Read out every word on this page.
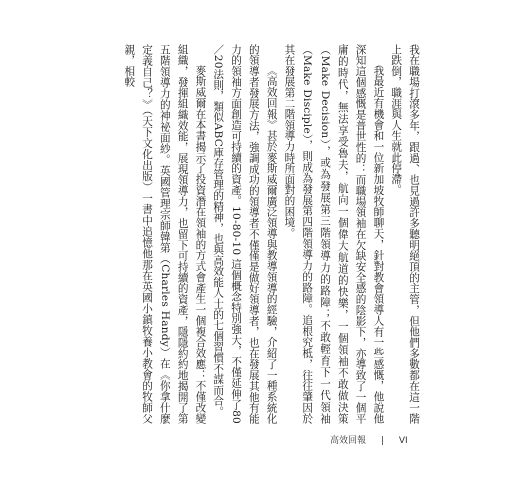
我在職場打滾多年，跟過、也見過許多聽明絕頂的主管，但他們多數都在這一階上跌倒，職涯與人生就此停滯。

我最近有機會和一位新加坡牧師聊天，針對教會領導人有一些感慨，他說他深知這個感慨是普世性的：而職場領袖在欠缺安全感的陰影下，亦導致了一個平庸的時代，無法享受魯夫，航向一個偉大航道的快樂，一個領袖不敢做決策（Make Decision），或為發展第三階領導力的路障；不敢輕育下一代領袖（Make Disciple），則成為發展第四階領導力的路障。追根究柢，往往肇因於其在發展第二階領導力時所面對的困境。

《高效回報》甚於麥斯威爾廣泛領導與教導領導的經驗，介紹了一種系統化的領導者發展方法，強調成功的領導者不僅僅是做好領導者，也在發展其他有能力的領袖方面創造可持續的資產。10-80-10 這個概念特別強大，不僅延伸了80／20法則，類似ABC庫存管理的精神，也與高效能人士的七個習慣不謀而合。

麥斯威爾在本書揭示了投資潛在領袖的方式會產生一個複合效應：不僅改變組織，發揮組織效能，展現領導力，也留下可持續的資產，隱隱約約地揭開了第五階領導力的神祕面紗。英國管理宗師韓第（Charles Handy）在《你拿什麼定義自己？》（天下文化出版）一書中追憶他那在英國小鎮牧養小教會的牧師父親，相較

高效回報 | VI
